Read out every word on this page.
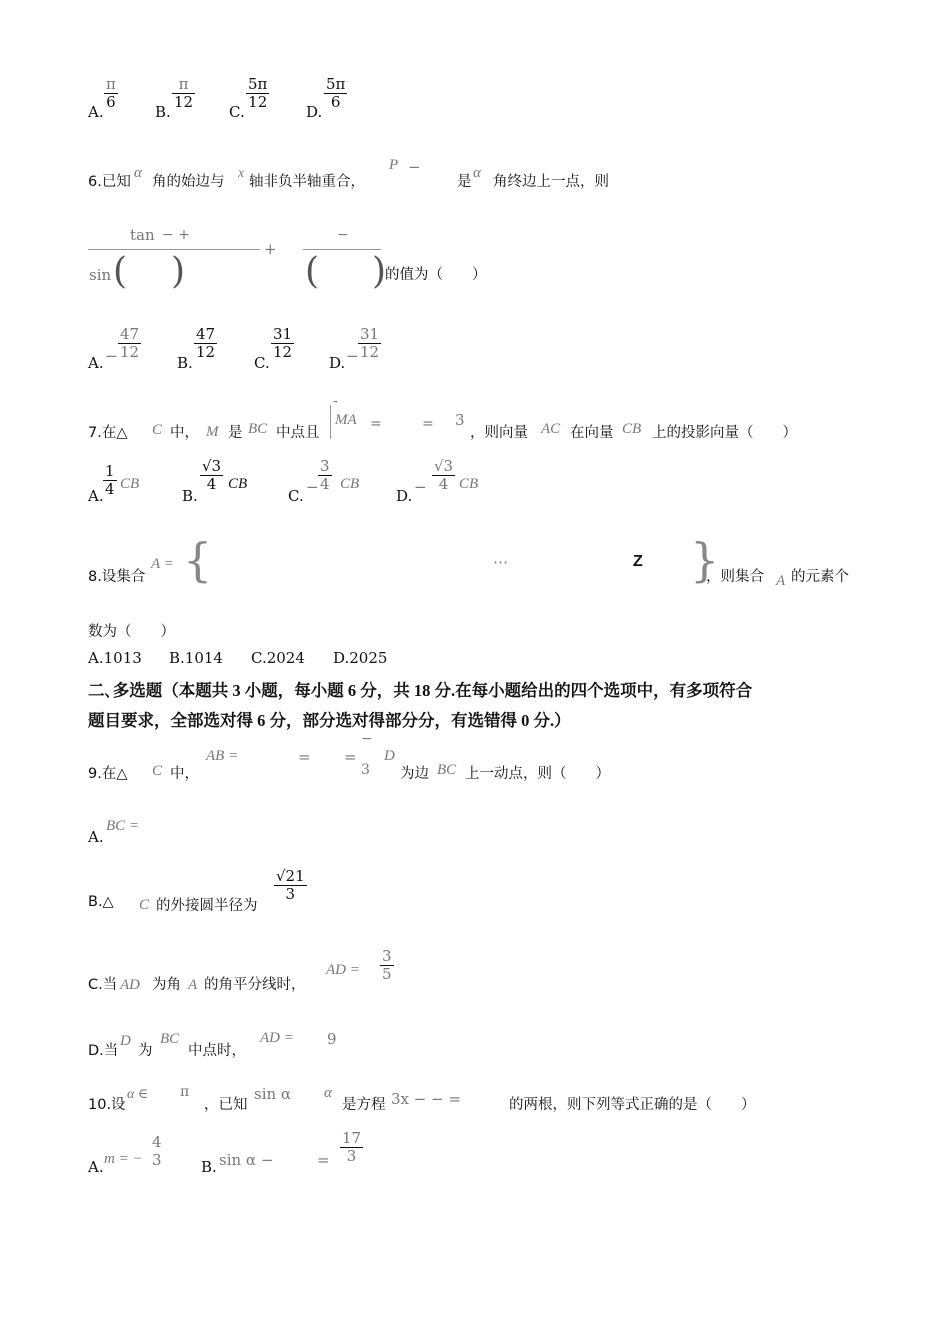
A.
π
6
B.
π
12
C.
5π
12
D.
5π
6
6.已知
α
角的始边与
x
轴非负半轴重合，
P −
是
α
角终边上一点，则
tan − +
sin ( )
+
−
( )
的值为（　　）
A. −
47
12
B.
47
12
C.
31
12
D. −
31
12
7.在△ C 中， M 是 BC 中点且
MA =	= 3
，则向量 AC 在向量 CB 上的投影向量（　　）
A.
1
4 CB
B.
√3
4 CB
C. −
3
4 CB
D. −
√3
4 CB
8.设集合
A = {	⋯	Z }
，则集合 A 的元素个
数为（　　）
A.1013 B.1014 C.2024 D.2025
二､多选题（本题共 3 小题，每小题 6 分，共 18 分.在每小题给出的四个选项中，有多项符合
题目要求，全部选对得 6 分，部分选对得部分分，有选错得 0 分.）
9.在△ C 中，
AB =	= =
−
3
D
为边 BC 上一动点，则（　　）
A.
BC =
B.△ C 的外接圆半径为
√21
3
C.当 AD 为角 A 的角平分线时，
AD =
3
5
D.当
D
为
BC
中点时，
AD = 9
10.设
α ∈ π
，已知
sin α α
是方程 3x − − =	的两根，则下列等式正确的是（　　）
A. m = −
4
3	B. sin α −	=
17
3
